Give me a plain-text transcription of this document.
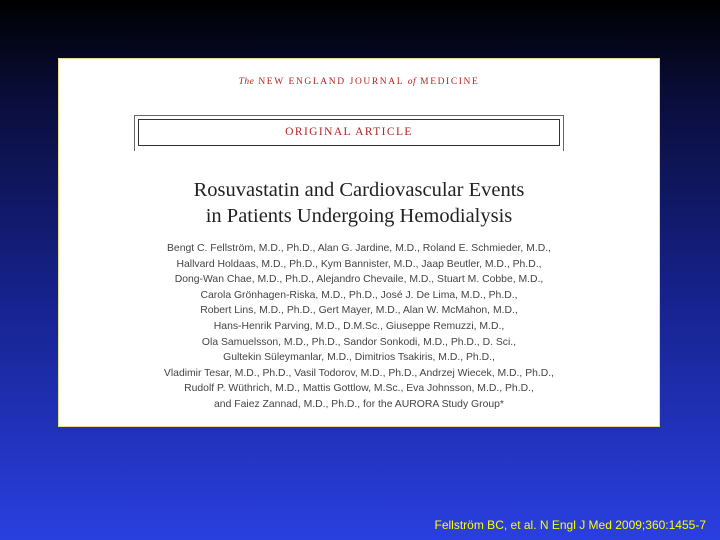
The NEW ENGLAND JOURNAL of MEDICINE
ORIGINAL ARTICLE
Rosuvastatin and Cardiovascular Events
in Patients Undergoing Hemodialysis
Bengt C. Fellström, M.D., Ph.D., Alan G. Jardine, M.D., Roland E. Schmieder, M.D.,
Hallvard Holdaas, M.D., Ph.D., Kym Bannister, M.D., Jaap Beutler, M.D., Ph.D.,
Dong-Wan Chae, M.D., Ph.D., Alejandro Chevaile, M.D., Stuart M. Cobbe, M.D.,
Carola Grönhagen-Riska, M.D., Ph.D., José J. De Lima, M.D., Ph.D.,
Robert Lins, M.D., Ph.D., Gert Mayer, M.D., Alan W. McMahon, M.D.,
Hans-Henrik Parving, M.D., D.M.Sc., Giuseppe Remuzzi, M.D.,
Ola Samuelsson, M.D., Ph.D., Sandor Sonkodi, M.D., Ph.D., D. Sci.,
Gultekin Süleymanlar, M.D., Dimitrios Tsakiris, M.D., Ph.D.,
Vladimir Tesar, M.D., Ph.D., Vasil Todorov, M.D., Ph.D., Andrzej Wiecek, M.D., Ph.D.,
Rudolf P. Wüthrich, M.D., Mattis Gottlow, M.Sc., Eva Johnsson, M.D., Ph.D.,
and Faiez Zannad, M.D., Ph.D., for the AURORA Study Group*
Fellström BC, et al. N Engl J Med 2009;360:1455-7
